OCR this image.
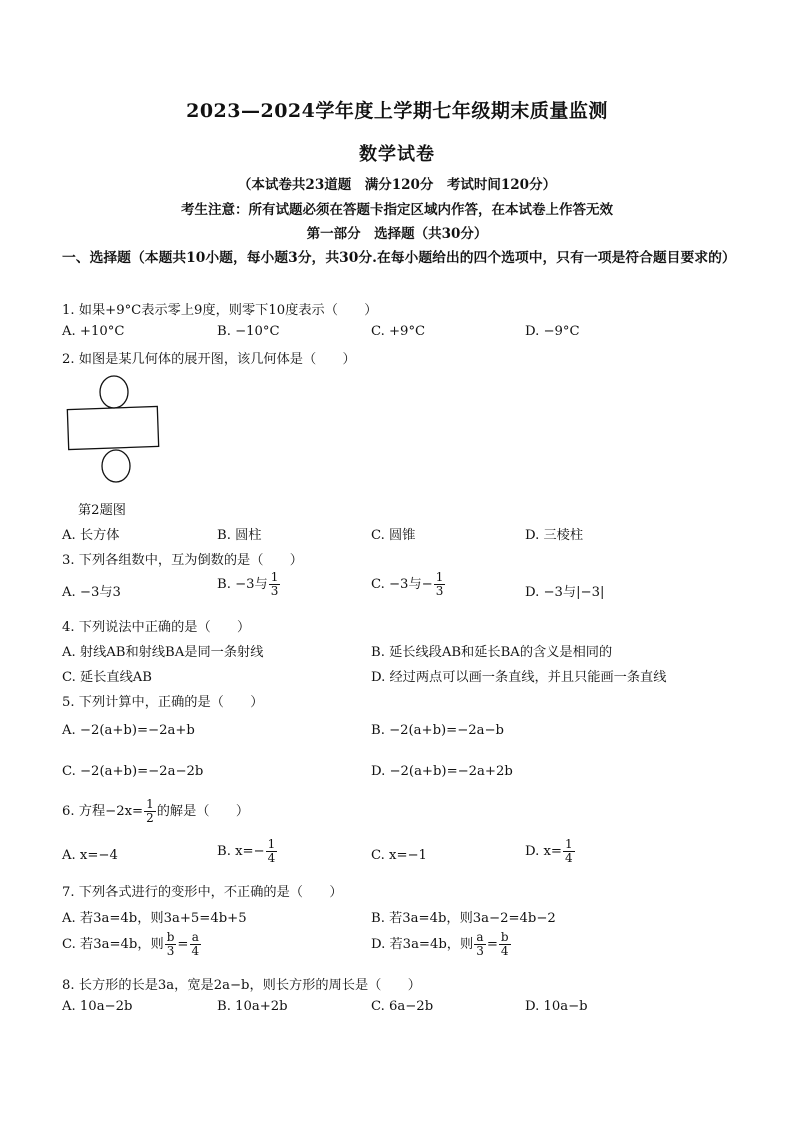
2023—2024学年度上学期七年级期末质量监测
数学试卷
（本试卷共23道题　满分120分　考试时间120分）
考生注意：所有试题必须在答题卡指定区域内作答，在本试卷上作答无效
第一部分　选择题（共30分）
一、选择题（本题共10小题，每小题3分，共30分.在每小题给出的四个选项中，只有一项是符合题目要求的）
1. 如果+9°C表示零上9度，则零下10度表示（　　）
A. +10°C	B. −10°C	C. +9°C	D. −9°C
2. 如图是某几何体的展开图，该几何体是（　　）
第2题图
A. 长方体	B. 圆柱	C. 圆锥	D. 三棱柱
3. 下列各组数中，互为倒数的是（　　）
A. −3与3
B. −3与 $\frac{1}{3}$	C. −3与− $\frac{1}{3}$	D. −3与|−3|
4. 下列说法中正确的是（　　）
A. 射线AB和射线BA是同一条射线	B. 延长线段AB和延长BA的含义是相同的
C. 延长直线AB	D. 经过两点可以画一条直线，并且只能画一条直线
5. 下列计算中，正确的是（　　）
A. −2(a+b)=−2a+b	B. −2(a+b)=−2a−b
C. −2(a+b)=−2a−2b	D. −2(a+b)=−2a+2b
6. 方程$-2x= \frac{1}{2}$ 的解是（　　）
A. x=−4	B. $x=- \frac{1}{4}$	C. x=−1	D. $x= \frac{1}{4}$
7. 下列各式进行的变形中，不正确的是（　　）
A. 若3a=4b，则3a+5=4b+5	B. 若3a=4b，则3a−2=4b−2
C. 若3a=4b，则 $\frac{b}{3} = \frac{a}{4}$	D. 若3a=4b，则 $\frac{a}{3} = \frac{b}{4}$
8. 长方形的长是3a，宽是2a−b，则长方形的周长是（　　）
A. 10a−2b	B. 10a+2b	C. 6a−2b	D. 10a−b
